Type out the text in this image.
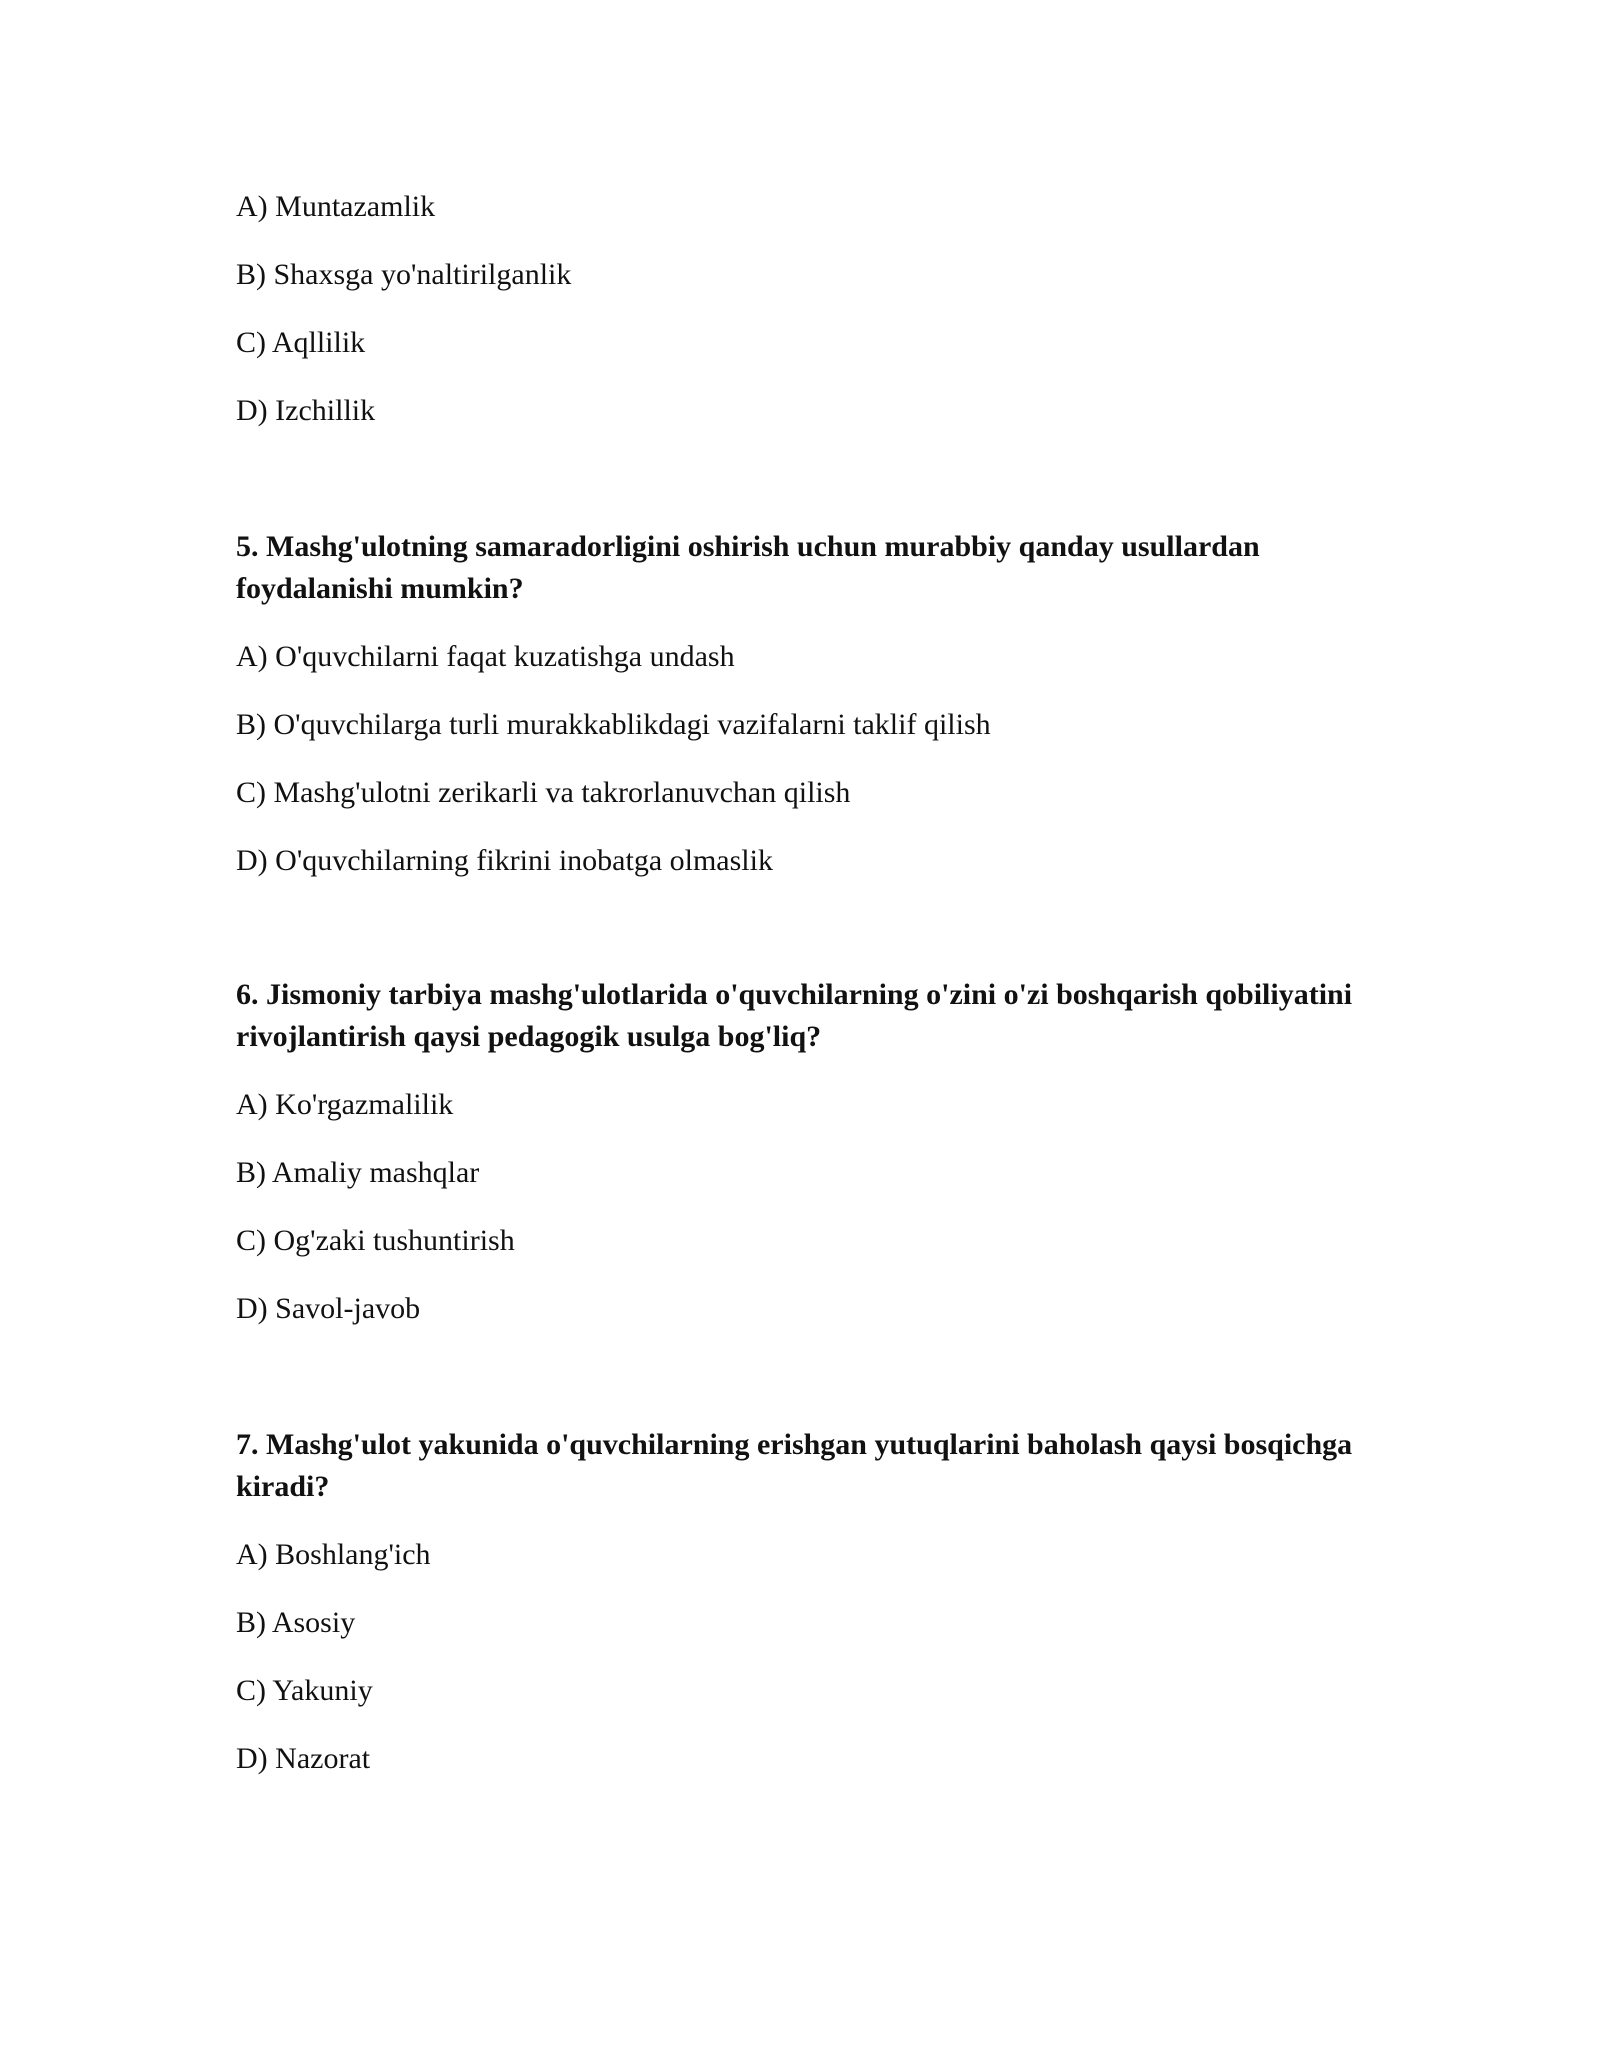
A) Muntazamlik
B) Shaxsga yo'naltirilganlik
C) Aqllilik
D) Izchillik
5. Mashg'ulotning samaradorligini oshirish uchun murabbiy qanday usullardan foydalanishi mumkin?
A) O'quvchilarni faqat kuzatishga undash
B) O'quvchilarga turli murakkablikdagi vazifalarni taklif qilish
C) Mashg'ulotni zerikarli va takrorlanuvchan qilish
D) O'quvchilarning fikrini inobatga olmaslik
6. Jismoniy tarbiya mashg'ulotlarida o'quvchilarning o'zini o'zi boshqarish qobiliyatini rivojlantirish qaysi pedagogik usulga bog'liq?
A) Ko'rgazmalilik
B) Amaliy mashqlar
C) Og'zaki tushuntirish
D) Savol-javob
7. Mashg'ulot yakunida o'quvchilarning erishgan yutuqlarini baholash qaysi bosqichga kiradi?
A) Boshlang'ich
B) Asosiy
C) Yakuniy
D) Nazorat
